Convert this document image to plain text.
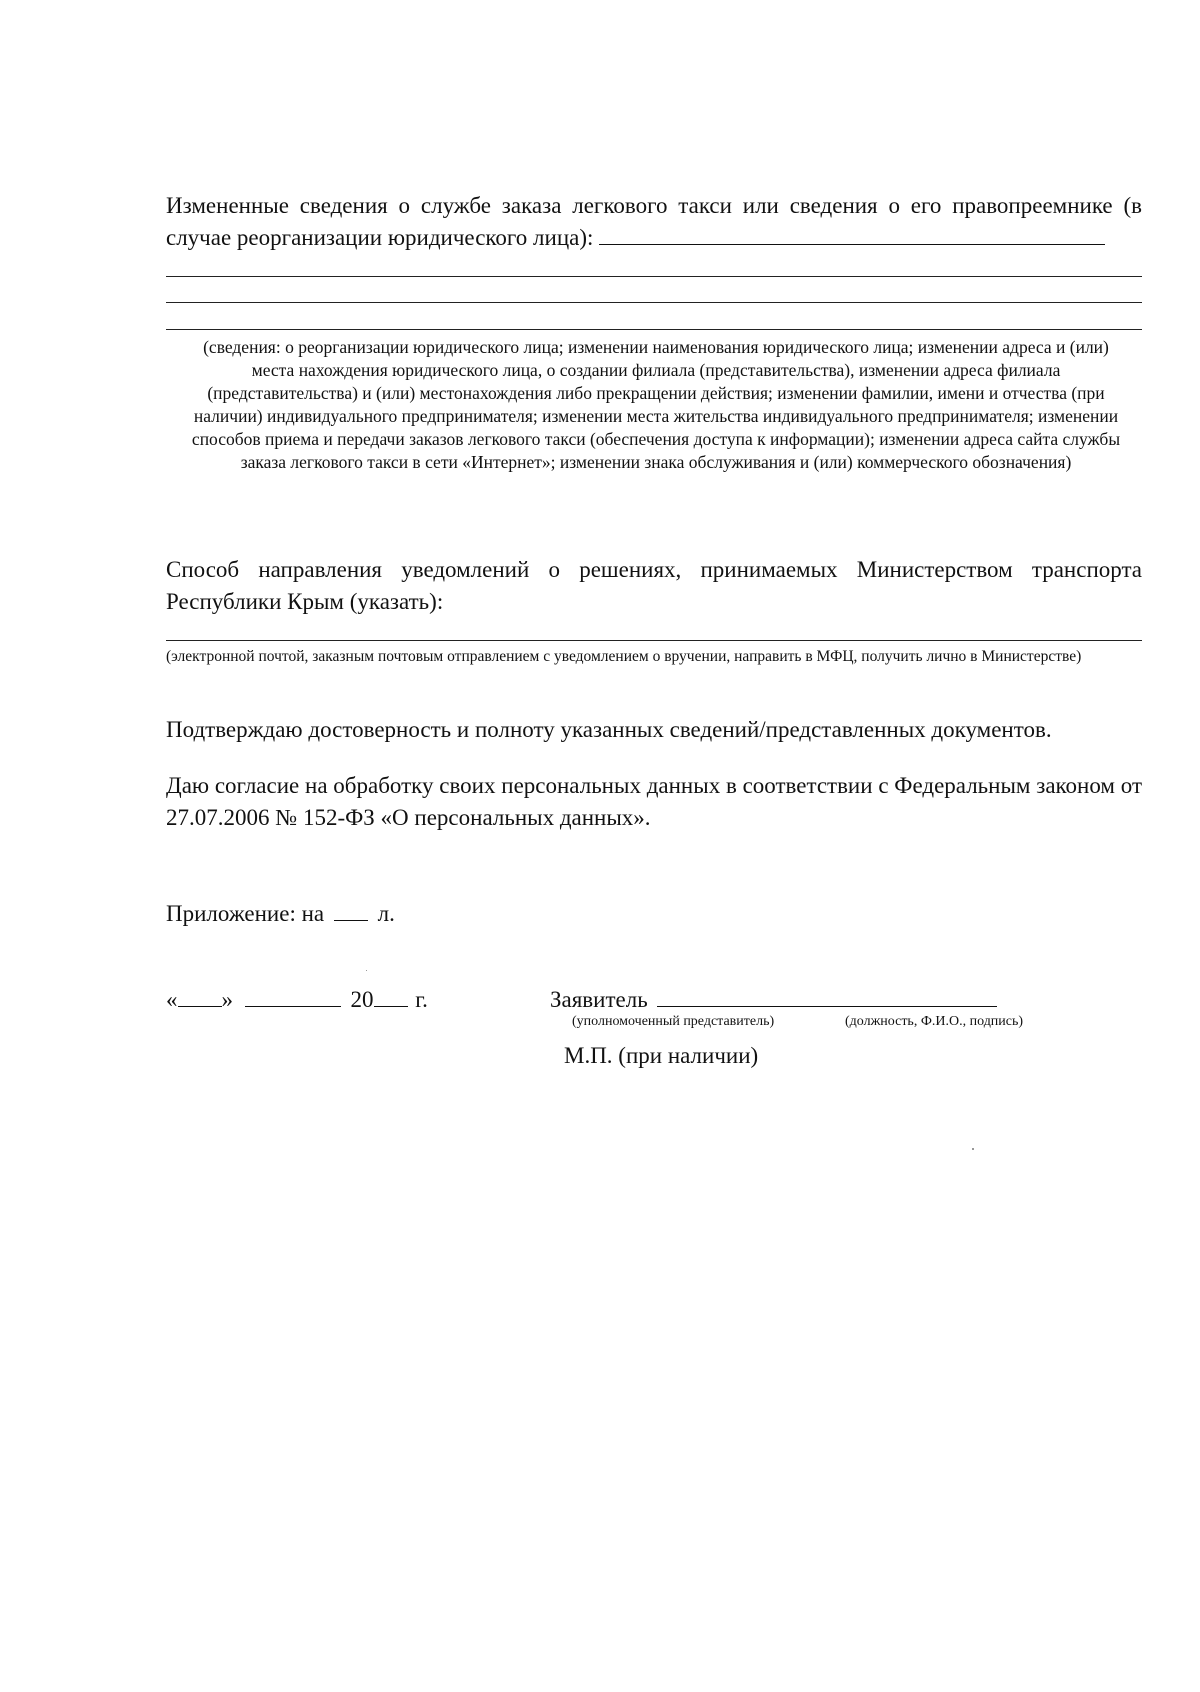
Измененные сведения о службе заказа легкового такси или сведения о его правопреемнике (в случае реорганизации юридического лица):
(сведения: о реорганизации юридического лица; изменении наименования юридического лица; изменении адреса и (или) места нахождения юридического лица, о создании филиала (представительства), изменении адреса филиала (представительства) и (или) местонахождения либо прекращении действия; изменении фамилии, имени и отчества (при наличии) индивидуального предпринимателя; изменении места жительства индивидуального предпринимателя; изменении способов приема и передачи заказов легкового такси (обеспечения доступа к информации); изменении адреса сайта службы заказа легкового такси в сети «Интернет»; изменении знака обслуживания и (или) коммерческого обозначения)
Способ направления уведомлений о решениях, принимаемых Министерством транспорта Республики Крым (указать):
(электронной почтой, заказным почтовым отправлением с уведомлением о вручении, направить в МФЦ, получить лично в Министерстве)
Подтверждаю достоверность и полноту указанных сведений/представленных документов.
Даю согласие на обработку своих персональных данных в соответствии с Федеральным законом от 27.07.2006 № 152-ФЗ «О персональных данных».
Приложение: на л.
« »	20 г.	Заявитель
(уполномоченный представитель)	(должность, Ф.И.О., подпись)
М.П. (при наличии)
